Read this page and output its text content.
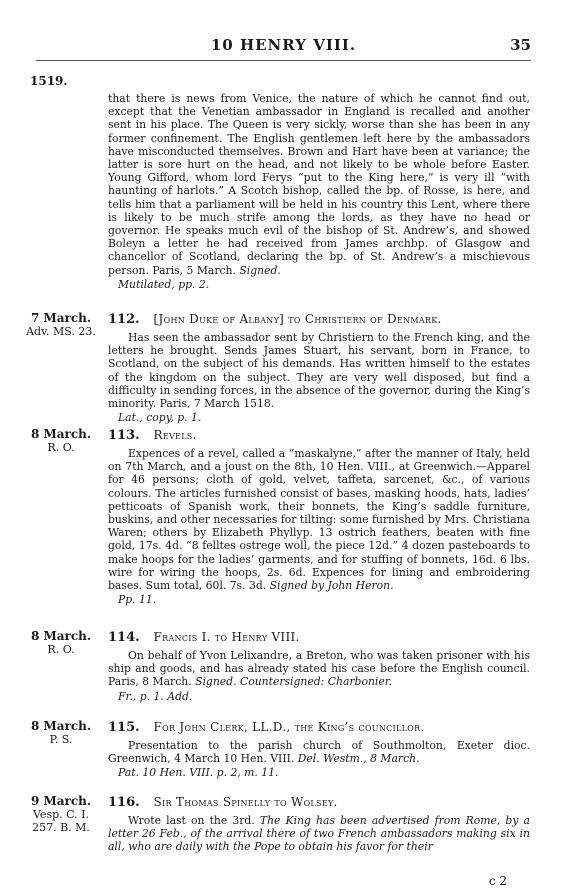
10 HENRY VIII.	35
1519.

that there is news from Venice, the nature of which he cannot find out, except that the Venetian ambassador in England is recalled and another sent in his place. The Queen is very sickly, worse than she has been in any former confinement. The English gentlemen left here by the ambassadors have misconducted themselves. Brown and Hart have been at variance; the latter is sore hurt on the head, and not likely to be whole before Easter. Young Gifford, whom lord Ferys “put to the King here,” is very ill “with haunting of harlots.” A Scotch bishop, called the bp. of Rosse, is here, and tells him that a parliament will be held in his country this Lent, where there is likely to be much strife among the lords, as they have no head or governor. He speaks much evil of the bishop of St. Andrew’s, and showed Boleyn a letter he had received from James archbp. of Glasgow and chancellor of Scotland, declaring the bp. of St. Andrew’s a mischievous person. Paris, 5 March. Signed.

Mutilated, pp. 2.

7 March.
Adv. MS. 23.
112. [John Duke of Albany] to Christiern of Denmark.

Has seen the ambassador sent by Christiern to the French king, and the letters he brought. Sends James Stuart, his servant, born in France, to Scotland, on the subject of his demands. Has written himself to the estates of the kingdom on the subject. They are very well disposed, but find a difficulty in sending forces, in the absence of the governor, during the King’s minority. Paris, 7 March 1518.

Lat., copy, p. 1.

8 March.
R. O.
113. Revels.

Expences of a revel, called a “maskalyne,” after the manner of Italy, held on 7th March, and a joust on the 8th, 10 Hen. VIII., at Greenwich.—Apparel for 46 persons; cloth of gold, velvet, taffeta, sarcenet, &c., of various colours. The articles furnished consist of bases, masking hoods, hats, ladies’ petticoats of Spanish work, their bonnets, the King’s saddle furniture, buskins, and other necessaries for tilting: some furnished by Mrs. Christiana Waren; others by Elizabeth Phyllyp. 13 ostrich feathers, beaten with fine gold, 17s. 4d. “8 felltes ostrege woll, the piece 12d.” 4 dozen pasteboards to make hoops for the ladies’ garments, and for stuffing of bonnets, 16d. 6 lbs. wire for wiring the hoops, 2s. 6d. Expences for lining and embroidering bases. Sum total, 60l. 7s. 3d. Signed by John Heron.

Pp. 11.

8 March.
R. O.
114. Francis I. to Henry VIII.

On behalf of Yvon Lelixandre, a Breton, who was taken prisoner with his ship and goods, and has already stated his case before the English council. Paris, 8 March. Signed. Countersigned: Charbonier.

Fr., p. 1. Add.

8 March.
P. S.
115. For John Clerk, LL.D., the King’s councillor.

Presentation to the parish church of Southmolton, Exeter dioc. Greenwich, 4 March 10 Hen. VIII. Del. Westm., 8 March.

Pat. 10 Hen. VIII. p. 2, m. 11.

9 March.
Vesp. C. I. 257. B. M.
116. Sir Thomas Spinelly to Wolsey.

Wrote last on the 3rd. The King has been advertised from Rome, by a letter 26 Feb., of the arrival there of two French ambassadors making six in all, who are daily with the Pope to obtain his favor for their

c 2
